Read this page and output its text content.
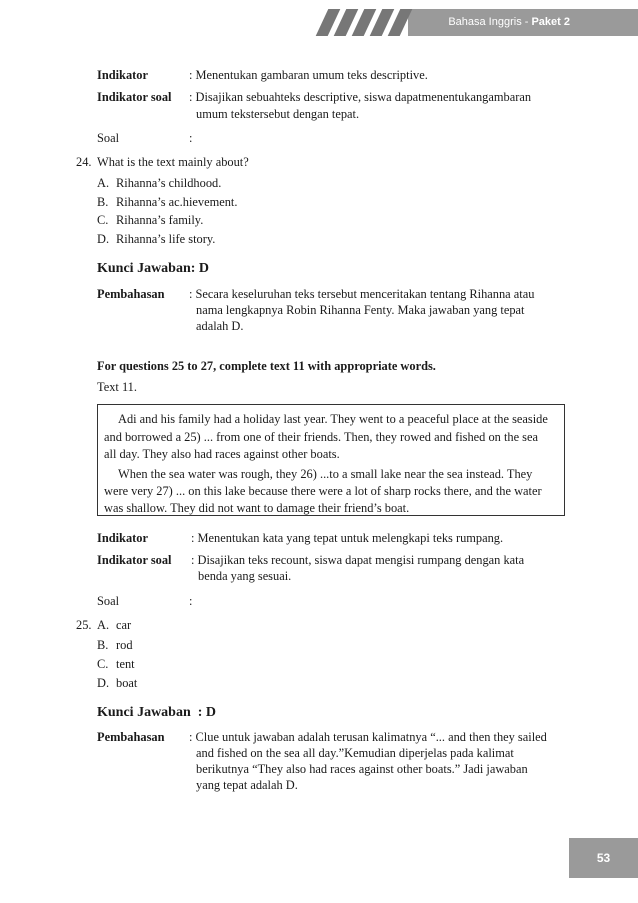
Bahasa Inggris - Paket 2
Indikator	: Menentukan gambaran umum teks descriptive.
Indikator soal : Disajikan sebuahteks descriptive, siswa dapatmenentukangambaran
umum tekstersebut dengan tepat.
Soal	:
24. What is the text mainly about?
A. Rihanna’s childhood.
B. Rihanna’s ac.hievement.
C. Rihanna’s family.
D. Rihanna’s life story.
Kunci Jawaban: D
Pembahasan : Secara keseluruhan teks tersebut menceritakan tentang Rihanna atau
nama lengkapnya Robin Rihanna Fenty. Maka jawaban yang tepat
adalah D.
For questions 25 to 27, complete text 11 with appropriate words.
Text 11.
Adi and his family had a holiday last year. They went to a peaceful place at the seaside
and borrowed a 25) ... from one of their friends. Then, they rowed and fished on the sea
all day. They also had races against other boats.
When the sea water was rough, they 26) ...to a small lake near the sea instead. They
were very 27) ... on this lake because there were a lot of sharp rocks there, and the water
was shallow. They did not want to damage their friend’s boat.
Indikator	: Menentukan kata yang tepat untuk melengkapi teks rumpang.
Indikator soal : Disajikan teks recount, siswa dapat mengisi rumpang dengan kata
benda yang sesuai.
Soal	:
25. A. car
B. rod
C. tent
D. boat
Kunci Jawaban  : D
Pembahasan : Clue untuk jawaban adalah terusan kalimatnya “... and then they sailed
and fished on the sea all day.”Kemudian diperjelas pada kalimat
berikutnya “They also had races against other boats.” Jadi jawaban
yang tepat adalah D.
53
